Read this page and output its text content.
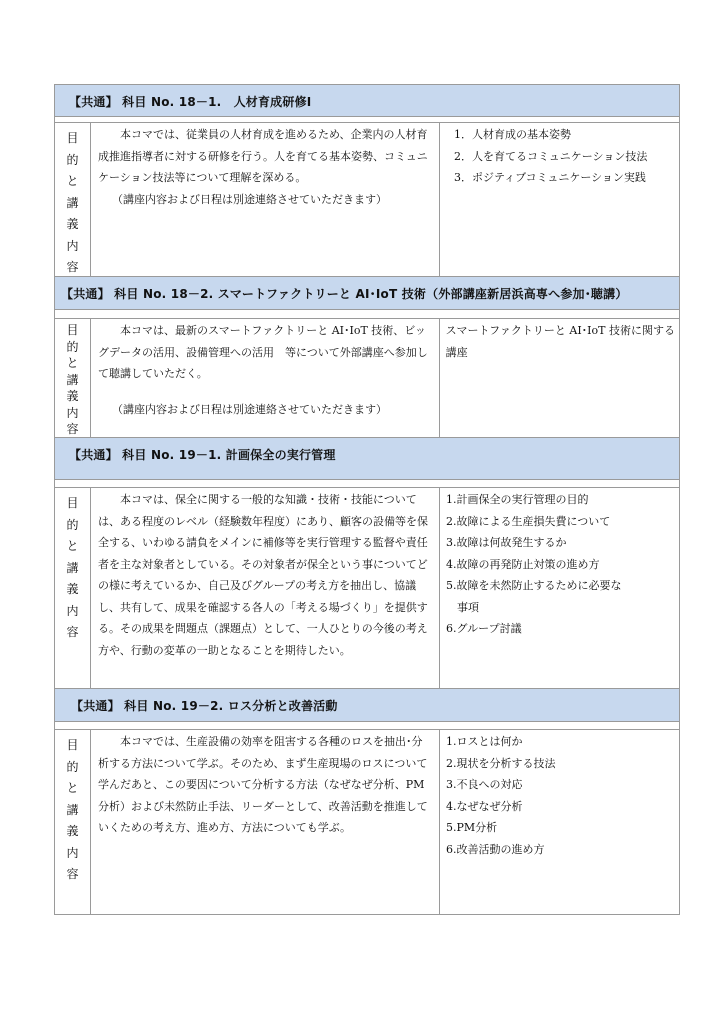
【共通】 科目 No. 18－1.　人材育成研修Ⅰ
目
的
と
講
義
内
容

本コマでは、従業員の人材育成を進めるため、企業内の人材育成推進指導者に対する研修を行う。人を育てる基本姿勢、コミュニケーション技法等について理解を深める。

（講座内容および日程は別途連絡させていただきます）

1．人材育成の基本姿勢
2．人を育てるコミュニケーション技法
3．ポジティブコミュニケーション実践
【共通】 科目 No. 18－2. スマートファクトリーと AI･IoT 技術（外部講座新居浜高専へ参加･聴講）
目
的
と
講
義
内
容

本コマは、最新のスマートファクトリーと AI･IoT 技術、ビッグデータの活用、設備管理への活用　等について外部講座へ参加して聴講していただく。

（講座内容および日程は別途連絡させていただきます）

スマートファクトリーと AI･IoT 技術に関する
講座
【共通】 科目 No. 19－1. 計画保全の実行管理
目
的
と
講
義
内
容

本コマは、保全に関する一般的な知識・技術・技能については、ある程度のレベル（経験数年程度）にあり、顧客の設備等を保全する、いわゆる請負をメインに補修等を実行管理する監督や責任者を主な対象者としている。その対象者が保全という事についてどの様に考えているか、自己及びグループの考え方を抽出し、協議し、共有して、成果を確認する各人の「考える場づくり」を提供する。その成果を問題点（課題点）として、一人ひとりの今後の考え方や、行動の変革の一助となることを期待したい。

1.計画保全の実行管理の目的
2.故障による生産損失費について
3.故障は何故発生するか
4.故障の再発防止対策の進め方
5.故障を未然防止するために必要な
　事項
6.グループ討議
【共通】 科目 No. 19－2. ロス分析と改善活動
目
的
と
講
義
内
容

本コマでは、生産設備の効率を阻害する各種のロスを抽出･分析する方法について学ぶ。そのため、まず生産現場のロスについて学んだあと、この要因について分析する方法（なぜなぜ分析、PM分析）および未然防止手法、リーダーとして、改善活動を推進していくための考え方、進め方、方法についても学ぶ。

1.ロスとは何か
2.現状を分析する技法
3.不良への対応
4.なぜなぜ分析
5.PM分析
6.改善活動の進め方
